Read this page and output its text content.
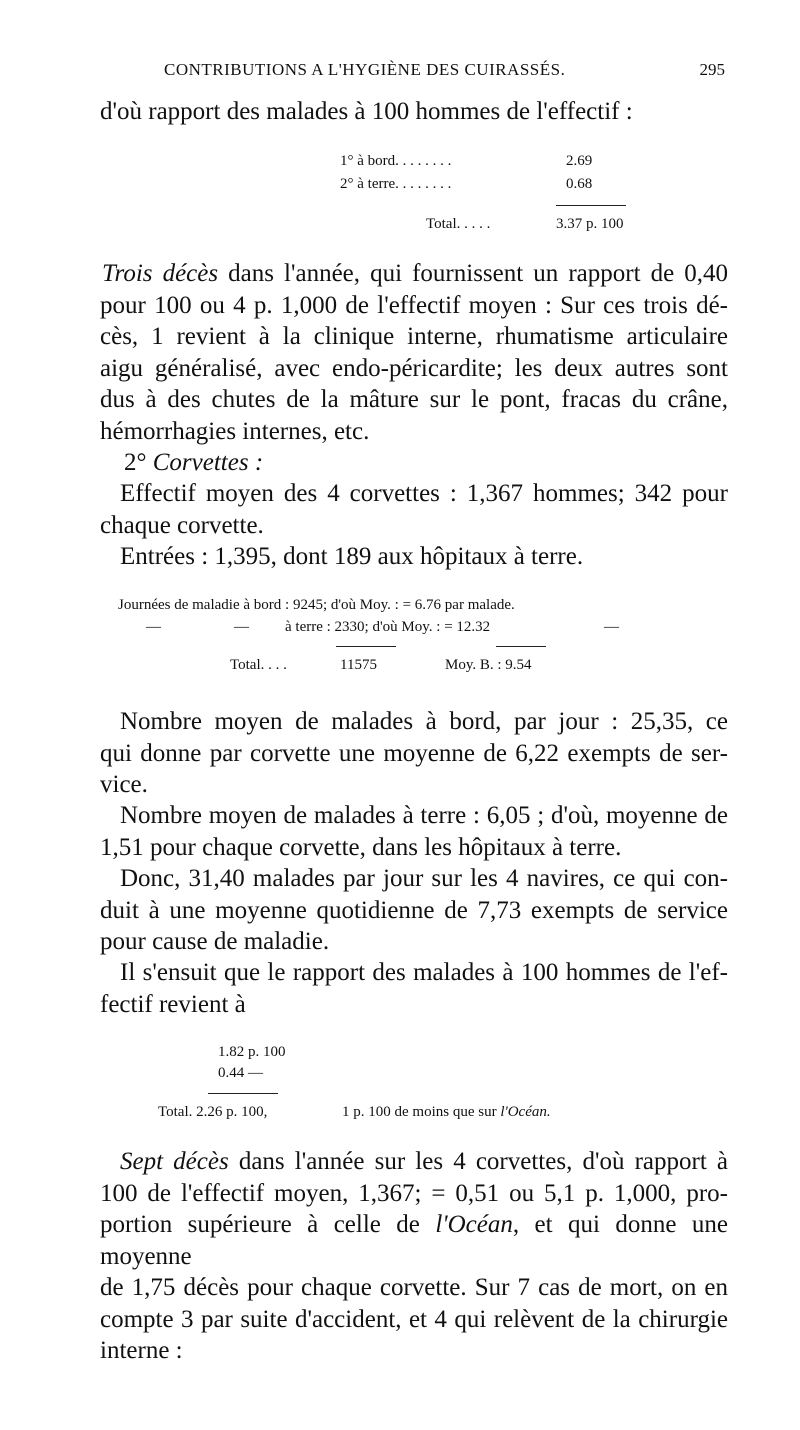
CONTRIBUTIONS A L'HYGIÈNE DES CUIRASSÉS.	295
d'où rapport des malades à 100 hommes de l'effectif :
1° à bord. . . . . . . .	2.69
2° à terre. . . . . . . .	0.68
Total. . . . .	3.37 p. 100
Trois décès dans l'année, qui fournissent un rapport de 0,40
pour 100 ou 4 p. 1,000 de l'effectif moyen : Sur ces trois dé-
cès, 1 revient à la clinique interne, rhumatisme articulaire
aigu généralisé, avec endo-péricardite; les deux autres sont
dus à des chutes de la mâture sur le pont, fracas du crâne,
hémorrhagies internes, etc.
2° Corvettes :
Effectif moyen des 4 corvettes : 1,367 hommes; 342 pour
chaque corvette.
Entrées : 1,395, dont 189 aux hôpitaux à terre.
Journées de maladie à bord : 9245; d'où Moy. : = 6.76 par malade.
—	— à terre : 2330; d'où Moy. : = 12.32	—
Total. . . .	11575	Moy. B. : 9.54
Nombre moyen de malades à bord, par jour : 25,35, ce
qui donne par corvette une moyenne de 6,22 exempts de ser-
vice.
Nombre moyen de malades à terre : 6,05 ; d'où, moyenne de
1,51 pour chaque corvette, dans les hôpitaux à terre.
Donc, 31,40 malades par jour sur les 4 navires, ce qui con-
duit à une moyenne quotidienne de 7,73 exempts de service
pour cause de maladie.
Il s'ensuit que le rapport des malades à 100 hommes de l'ef-
fectif revient à
1.82 p. 100
0.44 —
Total. 2.26 p. 100,	1 p. 100 de moins que sur l'Océan.
Sept décès dans l'année sur les 4 corvettes, d'où rapport à
100 de l'effectif moyen, 1,367; = 0,51 ou 5,1 p. 1,000, pro-
portion supérieure à celle de l'Océan, et qui donne une moyenne
de 1,75 décès pour chaque corvette. Sur 7 cas de mort, on en
compte 3 par suite d'accident, et 4 qui relèvent de la chirurgie
interne :
